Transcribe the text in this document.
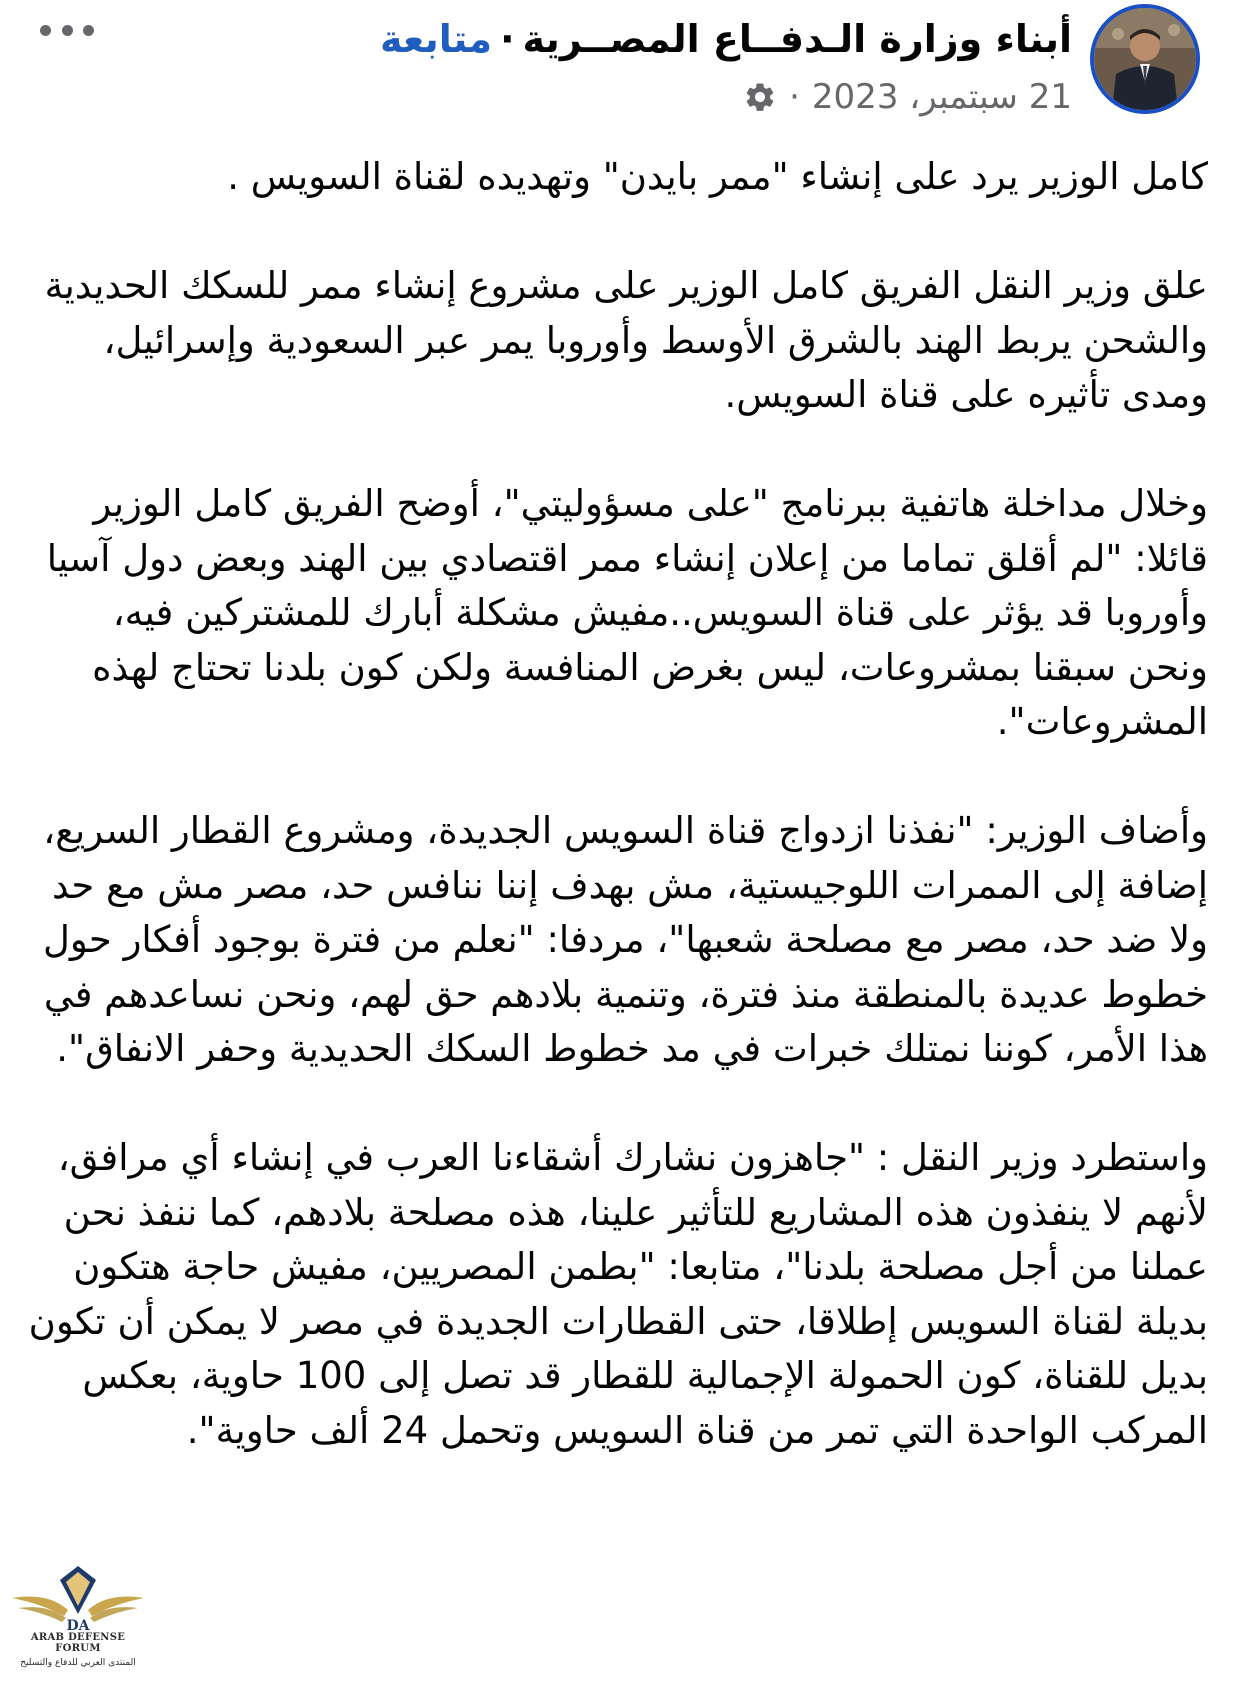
أبناء وزارة الـدفــاع المصــرية·متابعة
21 سبتمبر، 2023
·

كامل الوزير يرد على إنشاء "ممر بايدن" وتهديده لقناة السويس .

علق وزير النقل الفريق كامل الوزير على مشروع إنشاء ممر للسكك الحديدية والشحن يربط الهند بالشرق الأوسط وأوروبا يمر عبر السعودية وإسرائيل، ومدى تأثيره على قناة السويس.

وخلال مداخلة هاتفية ببرنامج "على مسؤوليتي"، أوضح الفريق كامل الوزير قائلا: "لم أقلق تماما من إعلان إنشاء ممر اقتصادي بين الهند وبعض دول آسيا وأوروبا قد يؤثر على قناة السويس..مفيش مشكلة أبارك للمشتركين فيه، ونحن سبقنا بمشروعات، ليس بغرض المنافسة ولكن كون بلدنا تحتاج لهذه المشروعات".

وأضاف الوزير: "نفذنا ازدواج قناة السويس الجديدة، ومشروع القطار السريع، إضافة إلى الممرات اللوجيستية، مش بهدف إننا ننافس حد، مصر مش مع حد ولا ضد حد، مصر مع مصلحة شعبها"، مردفا: "نعلم من فترة بوجود أفكار حول خطوط عديدة بالمنطقة منذ فترة، وتنمية بلادهم حق لهم، ونحن نساعدهم في هذا الأمر، كوننا نمتلك خبرات في مد خطوط السكك الحديدية وحفر الانفاق".

واستطرد وزير النقل : "جاهزون نشارك أشقاءنا العرب في إنشاء أي مرافق، لأنهم لا ينفذون هذه المشاريع للتأثير علينا، هذه مصلحة بلادهم، كما ننفذ نحن عملنا من أجل مصلحة بلدنا"، متابعا: "بطمن المصريين، مفيش حاجة هتكون بديلة لقناة السويس إطلاقا، حتى القطارات الجديدة في مصر لا يمكن أن تكون بديل للقناة، كون الحمولة الإجمالية للقطار قد تصل إلى 100 حاوية، بعكس المركب الواحدة التي تمر من قناة السويس وتحمل 24 ألف حاوية".

DA
ARAB DEFENSE FORUM
المنتدى العربي للدفاع والتسليح
